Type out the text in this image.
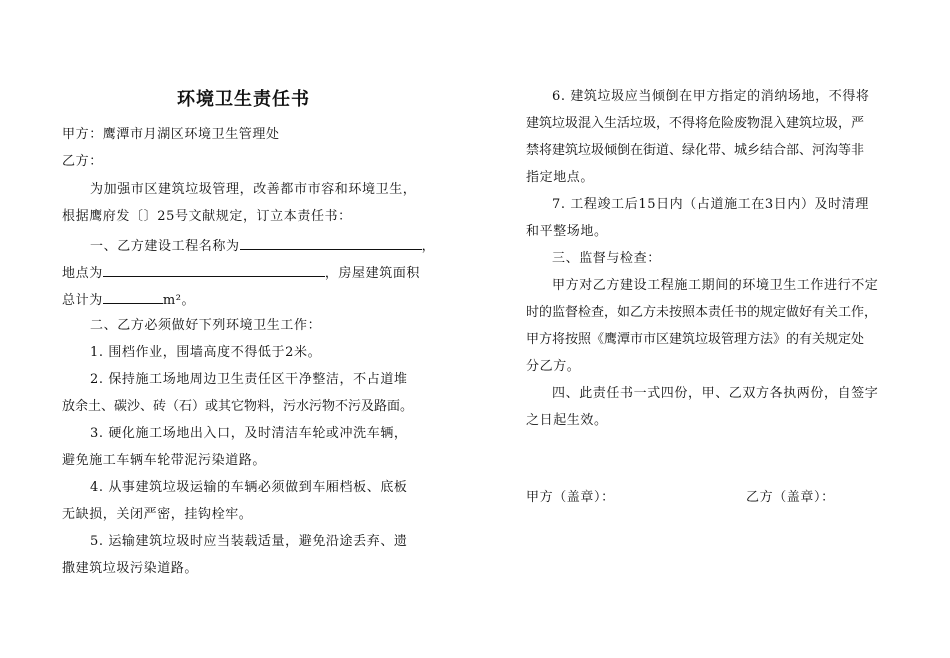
环境卫生责任书
甲方：鹰潭市月湖区环境卫生管理处
乙方：
为加强市区建筑垃圾管理，改善都市市容和环境卫生，
根据鹰府发〔〕25号文献规定，订立本责任书：
一、乙方建设工程名称为	，
地点为	，房屋建筑面积
总计为	m²。
二、乙方必须做好下列环境卫生工作：
1. 围档作业，围墙高度不得低于2米。
2. 保持施工场地周边卫生责任区干净整洁，不占道堆
放余土、碳沙、砖（石）或其它物料，污水污物不污及路面。
3. 硬化施工场地出入口，及时清洁车轮或冲洗车辆，
避免施工车辆车轮带泥污染道路。
4. 从事建筑垃圾运输的车辆必须做到车厢档板、底板
无缺损，关闭严密，挂钩栓牢。
5. 运输建筑垃圾时应当装载适量，避免沿途丢弃、遗
撒建筑垃圾污染道路。
6. 建筑垃圾应当倾倒在甲方指定的消纳场地，不得将
建筑垃圾混入生活垃圾，不得将危险废物混入建筑垃圾，严
禁将建筑垃圾倾倒在街道、绿化带、城乡结合部、河沟等非
指定地点。
7. 工程竣工后15日内（占道施工在3日内）及时清理
和平整场地。
三、监督与检查：
甲方对乙方建设工程施工期间的环境卫生工作进行不定
时的监督检查，如乙方未按照本责任书的规定做好有关工作，
甲方将按照《鹰潭市市区建筑垃圾管理方法》的有关规定处
分乙方。
四、此责任书一式四份，甲、乙双方各执两份，自签字
之日起生效。
甲方（盖章）：	乙方（盖章）：
